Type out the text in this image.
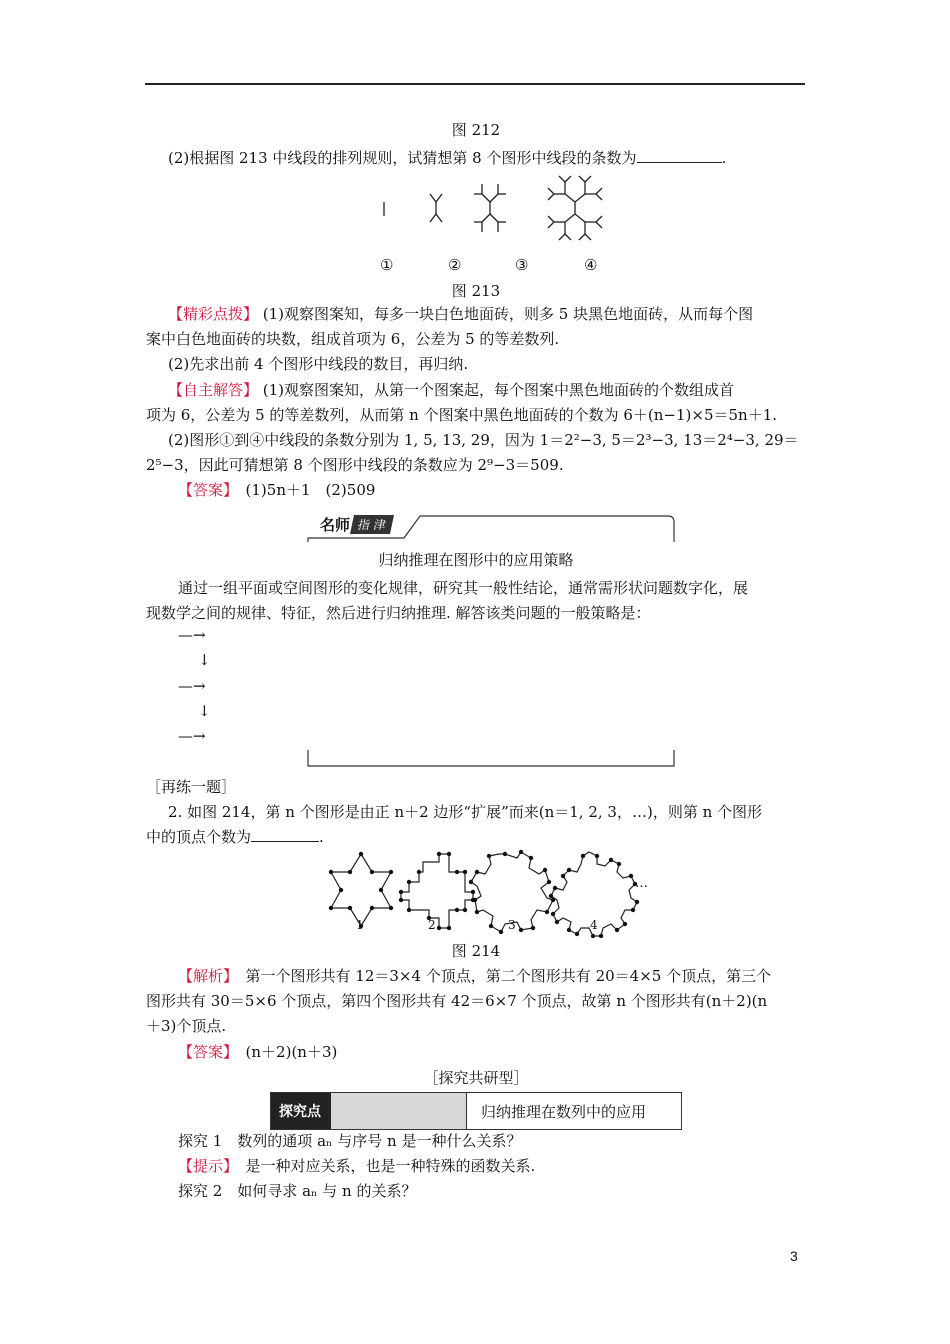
图 212
(2)根据图 213 中线段的排列规则，试猜想第 8 个图形中线段的条数为	.
①	②	③	④
图 213
【精彩点拨】 (1)观察图案知，每多一块白色地面砖，则多 5 块黑色地面砖，从而每个图
案中白色地面砖的块数，组成首项为 6，公差为 5 的等差数列.
(2)先求出前 4 个图形中线段的数目，再归纳.
【自主解答】 (1)观察图案知，从第一个图案起，每个图案中黑色地面砖的个数组成首
项为 6，公差为 5 的等差数列，从而第 n 个图案中黑色地面砖的个数为 6＋(n−1)×5＝5n＋1.
(2)图形①到④中线段的条数分别为 1, 5, 13, 29，因为 1＝2²−3, 5＝2³−3, 13＝2⁴−3, 29＝
2⁵−3，因此可猜想第 8 个图形中线段的条数应为 2⁹−3＝509.
【答案】　 (1)5n＋1　(2)509
名师 指 津
归纳推理在图形中的应用策略
通过一组平面或空间图形的变化规律，研究其一般性结论，通常需形状问题数字化，展
现数学之间的规律、特征，然后进行归纳推理. 解答该类问题的一般策略是：
—→
↓
—→
↓
—→
［再练一题］
2. 如图 214，第 n 个图形是由正 n＋2 边形“扩展”而来(n＝1, 2, 3，…)，则第 n 个图形
中的顶点个数为	.
…
1	2	3	4
图 214
【解析】　第一个图形共有 12＝3×4 个顶点，第二个图形共有 20＝4×5 个顶点，第三个
图形共有 30＝5×6 个顶点，第四个图形共有 42＝6×7 个顶点，故第 n 个图形共有(n＋2)(n
＋3)个顶点.
【答案】　 (n＋2)(n＋3)
［探究共研型］
探究点	归纳推理在数列中的应用
探究 1　数列的通项 aₙ 与序号 n 是一种什么关系？
【提示】　是一种对应关系，也是一种特殊的函数关系.
探究 2　如何寻求 aₙ 与 n 的关系？
3
